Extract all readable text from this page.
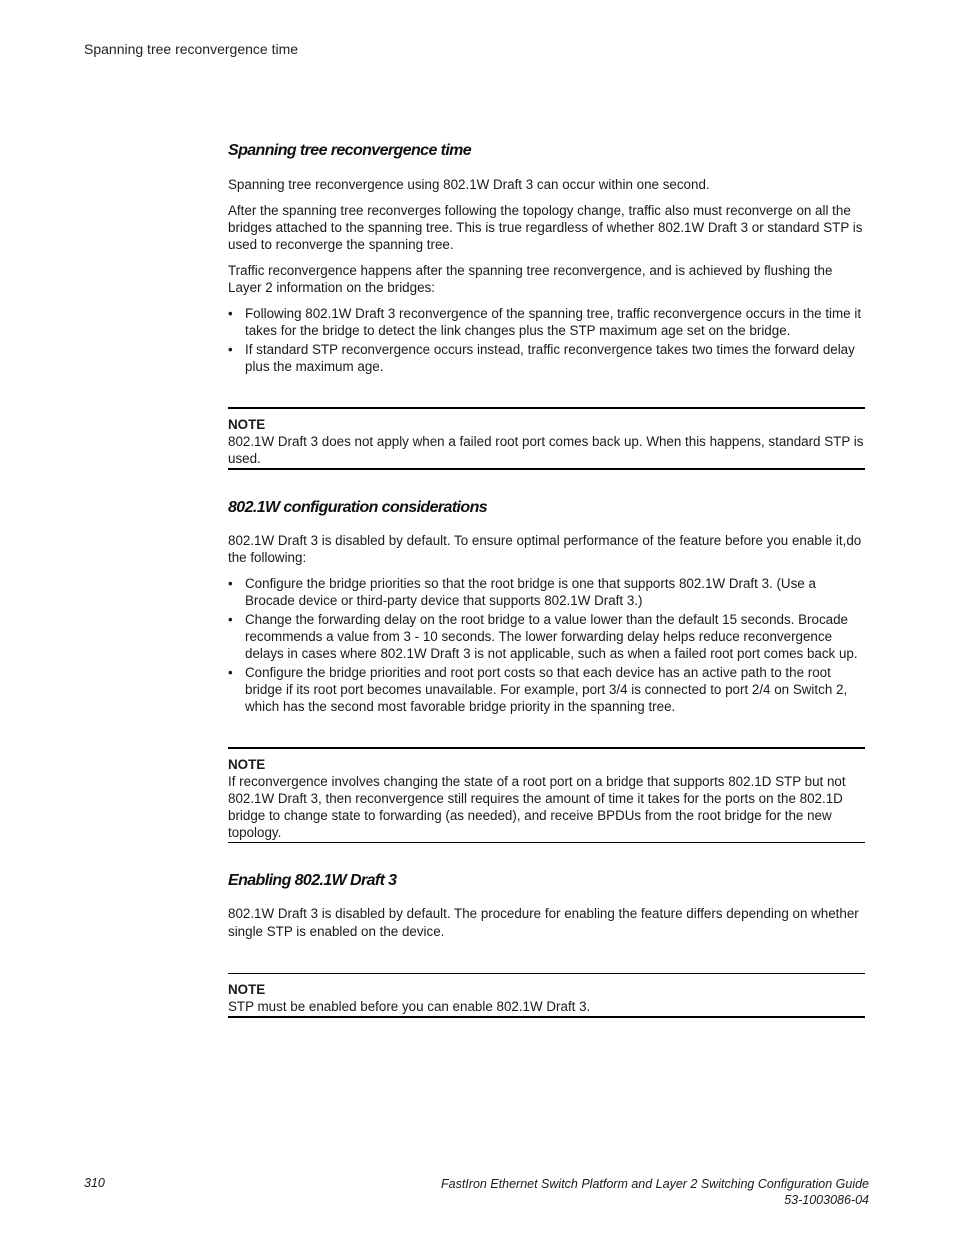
Spanning tree reconvergence time
Spanning tree reconvergence time

Spanning tree reconvergence using 802.1W Draft 3 can occur within one second.

After the spanning tree reconverges following the topology change, traffic also must reconverge on all the bridges attached to the spanning tree. This is true regardless of whether 802.1W Draft 3 or standard STP is used to reconverge the spanning tree.

Traffic reconvergence happens after the spanning tree reconvergence, and is achieved by flushing the Layer 2 information on the bridges:

• Following 802.1W Draft 3 reconvergence of the spanning tree, traffic reconvergence occurs in the time it takes for the bridge to detect the link changes plus the STP maximum age set on the bridge.
• If standard STP reconvergence occurs instead, traffic reconvergence takes two times the forward delay plus the maximum age.
NOTE
802.1W Draft 3 does not apply when a failed root port comes back up. When this happens, standard STP is used.
802.1W configuration considerations

802.1W Draft 3 is disabled by default. To ensure optimal performance of the feature before you enable it,do the following:

• Configure the bridge priorities so that the root bridge is one that supports 802.1W Draft 3. (Use a Brocade device or third-party device that supports 802.1W Draft 3.)
• Change the forwarding delay on the root bridge to a value lower than the default 15 seconds. Brocade recommends a value from 3 - 10 seconds. The lower forwarding delay helps reduce reconvergence delays in cases where 802.1W Draft 3 is not applicable, such as when a failed root port comes back up.
• Configure the bridge priorities and root port costs so that each device has an active path to the root bridge if its root port becomes unavailable. For example, port 3/4 is connected to port 2/4 on Switch 2, which has the second most favorable bridge priority in the spanning tree.
NOTE
If reconvergence involves changing the state of a root port on a bridge that supports 802.1D STP but not 802.1W Draft 3, then reconvergence still requires the amount of time it takes for the ports on the 802.1D bridge to change state to forwarding (as needed), and receive BPDUs from the root bridge for the new topology.
Enabling 802.1W Draft 3

802.1W Draft 3 is disabled by default. The procedure for enabling the feature differs depending on whether single STP is enabled on the device.

NOTE
STP must be enabled before you can enable 802.1W Draft 3.
310	FastIron Ethernet Switch Platform and Layer 2 Switching Configuration Guide
53-1003086-04
